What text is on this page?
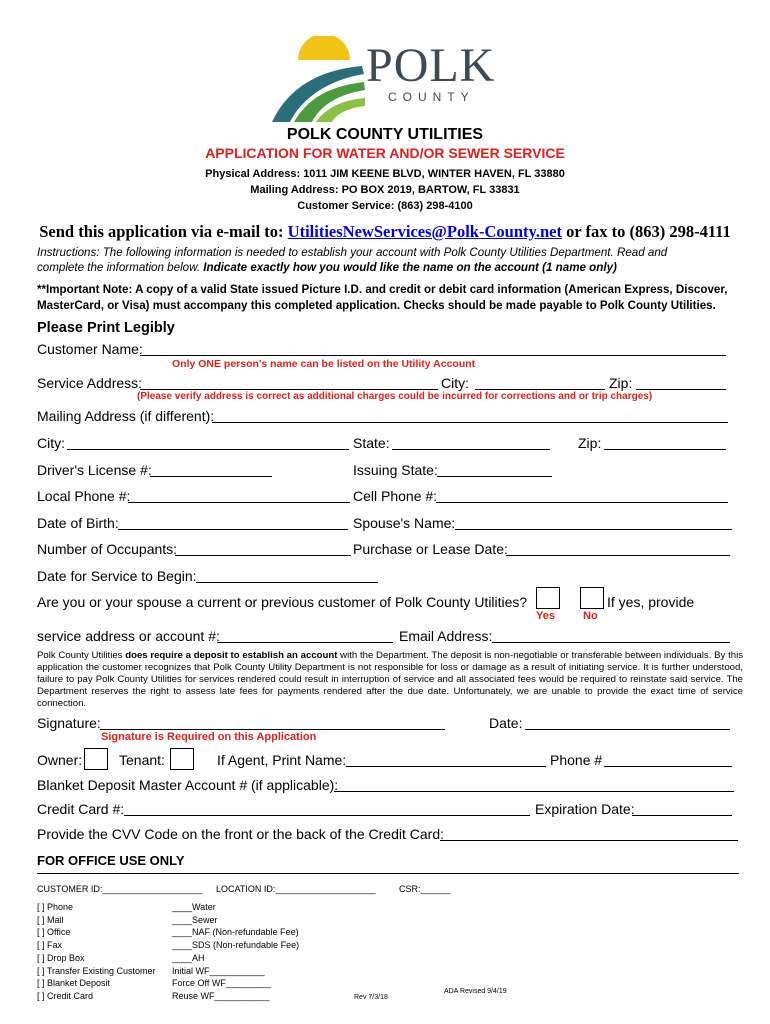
POLK
COUNTY
POLK COUNTY UTILITIES
APPLICATION FOR WATER AND/OR SEWER SERVICE
Physical Address: 1011 JIM KEENE BLVD, WINTER HAVEN, FL 33880
Mailing Address: PO BOX 2019, BARTOW, FL 33831
Customer Service: (863) 298-4100
Send this application via e-mail to: UtilitiesNewServices@Polk-County.net or fax to (863) 298-4111
Instructions: The following information is needed to establish your account with Polk County Utilities Department. Read and complete the information below. Indicate exactly how you would like the name on the account (1 name only)
**Important Note: A copy of a valid State issued Picture I.D. and credit or debit card information (American Express, Discover, MasterCard, or Visa) must accompany this completed application. Checks should be made payable to Polk County Utilities.
Please Print Legibly
Customer Name:
Only ONE person's name can be listed on the Utility Account
Service Address:	City:	Zip:
(Please verify address is correct as additional charges could be incurred for corrections and or trip charges)
Mailing Address (if different):
City:	State:	Zip:
Driver's License #:	Issuing State:
Local Phone #:	Cell Phone #:
Date of Birth:	Spouse's Name:
Number of Occupants:	Purchase or Lease Date:
Date for Service to Begin:
Are you or your spouse a current or previous customer of Polk County Utilities?	If yes, provide
Yes	No
service address or account #:	Email Address:
Polk County Utilities does require a deposit to establish an account with the Department. The deposit is non-negotiable or transferable between individuals. By this application the customer recognizes that Polk County Utility Department is not responsible for loss or damage as a result of initiating service. It is further understood, failure to pay Polk County Utilities for services rendered could result in interruption of service and all associated fees would be required to reinstate said service. The Department reserves the right to assess late fees for payments rendered after the due date. Unfortunately, we are unable to provide the exact time of service connection.
Signature:	Date:
Signature is Required on this Application
Owner:	Tenant:	If Agent, Print Name:	Phone #
Blanket Deposit Master Account # (if applicable):
Credit Card #:	Expiration Date:
Provide the CVV Code on the front or the back of the Credit Card:
FOR OFFICE USE ONLY
CUSTOMER ID:____________________ LOCATION ID:____________________	CSR:______
[ ] Phone
[ ] Mail
[ ] Office
[ ] Fax
[ ] Drop Box
[ ] Transfer Existing Customer
[ ] Blanket Deposit
[ ] Credit Card
____Water
____Sewer
____NAF (Non-refundable Fee)
____SDS (Non-refundable Fee)
____AH
Initial WF___________
Force Off WF_________
Reuse WF___________	Rev 7/3/18
ADA Revised 9/4/19
